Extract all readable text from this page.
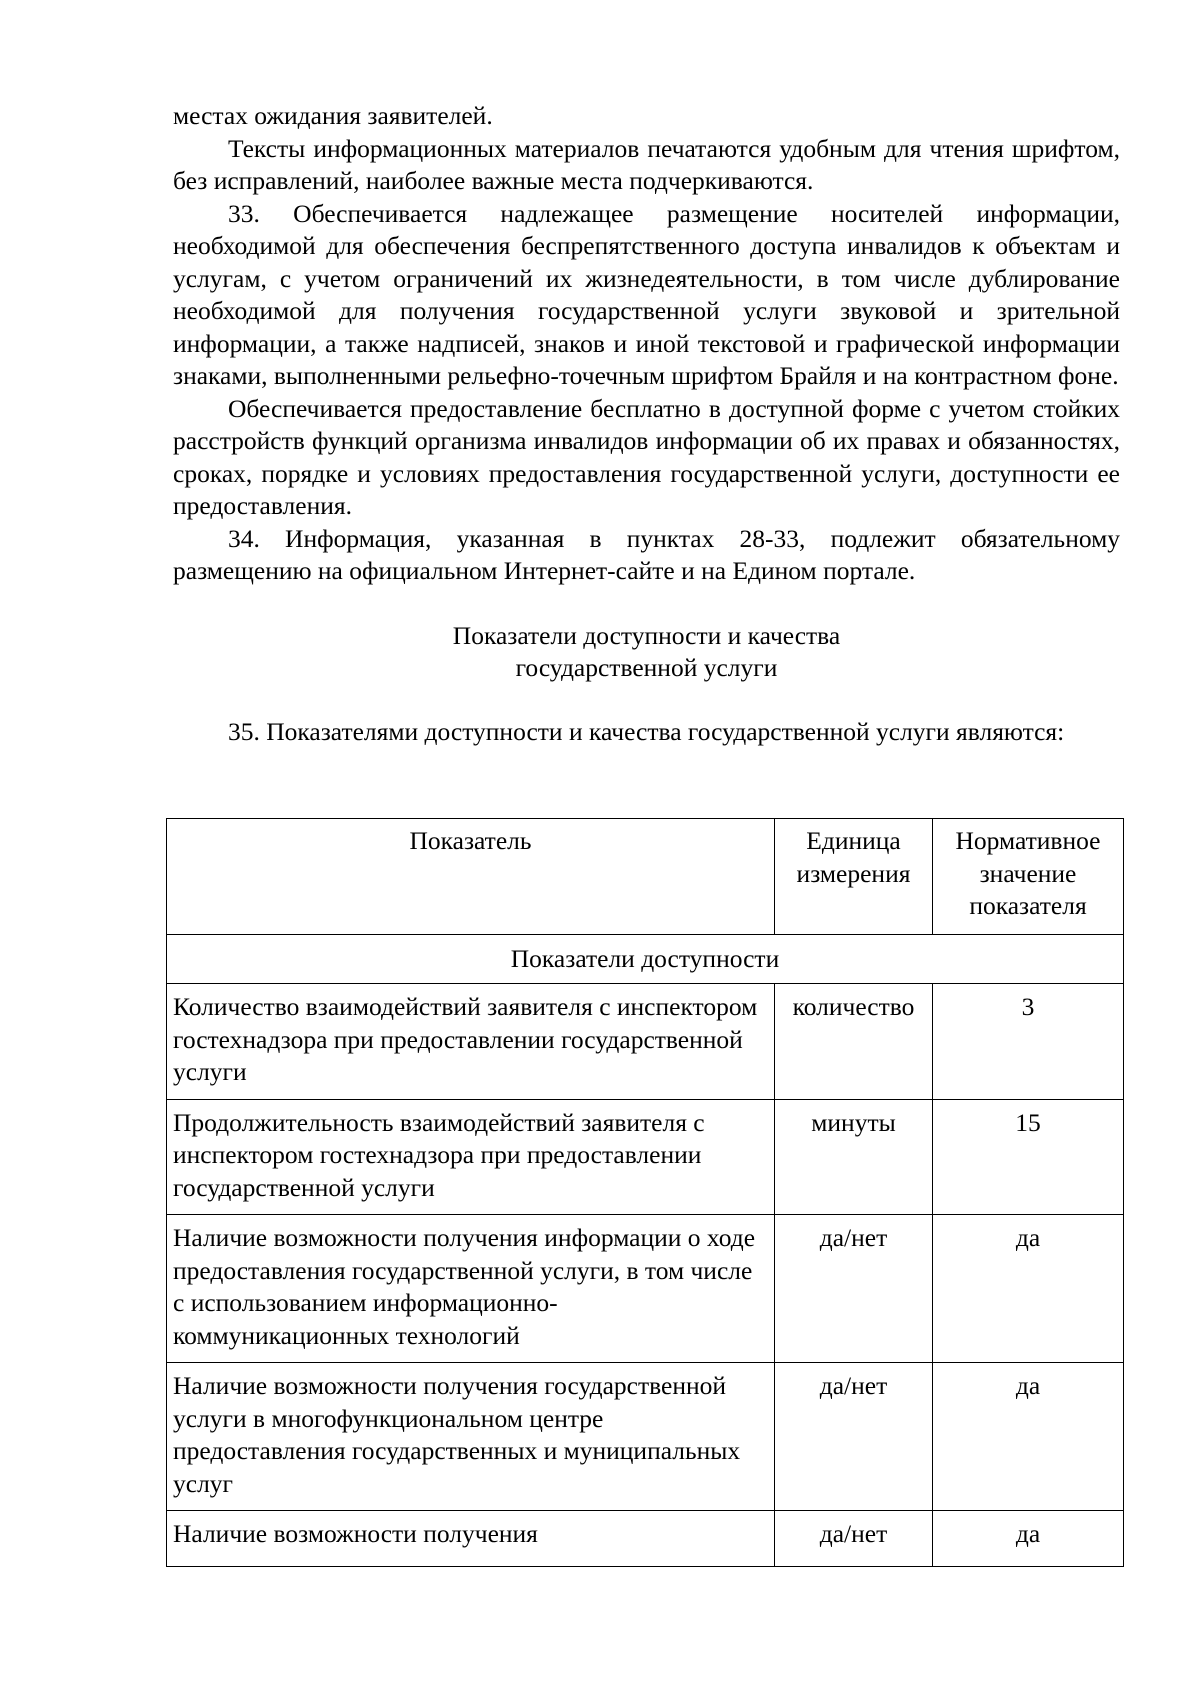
местах ожидания заявителей.

Тексты информационных материалов печатаются удобным для чтения шрифтом, без исправлений, наиболее важные места подчеркиваются.

33. Обеспечивается надлежащее размещение носителей информации, необходимой для обеспечения беспрепятственного доступа инвалидов к объектам и услугам, с учетом ограничений их жизнедеятельности, в том числе дублирование необходимой для получения государственной услуги звуковой и зрительной информации, а также надписей, знаков и иной текстовой и графической информации знаками, выполненными рельефно-точечным шрифтом Брайля и на контрастном фоне.

Обеспечивается предоставление бесплатно в доступной форме с учетом стойких расстройств функций организма инвалидов информации об их правах и обязанностях, сроках, порядке и условиях предоставления государственной услуги, доступности ее предоставления.

34. Информация, указанная в пунктах 28-33, подлежит обязательному размещению на официальном Интернет-сайте и на Едином портале.

Показатели доступности и качества
государственной услуги

35. Показателями доступности и качества государственной услуги являются:

Показатель	Единица измерения	Нормативное значение показателя
Показатели доступности		
Количество взаимодействий заявителя с инспектором гостехнадзора при предоставлении государственной услуги	количество	3
Продолжительность взаимодействий заявителя с инспектором гостехнадзора при предоставлении государственной услуги	минуты	15
Наличие возможности получения информации о ходе предоставления государственной услуги, в том числе с использованием информационно-коммуникационных технологий	да/нет	да
Наличие возможности получения государственной услуги в многофункциональном центре предоставления государственных и муниципальных услуг	да/нет	да
Наличие возможности получения	да/нет	да
